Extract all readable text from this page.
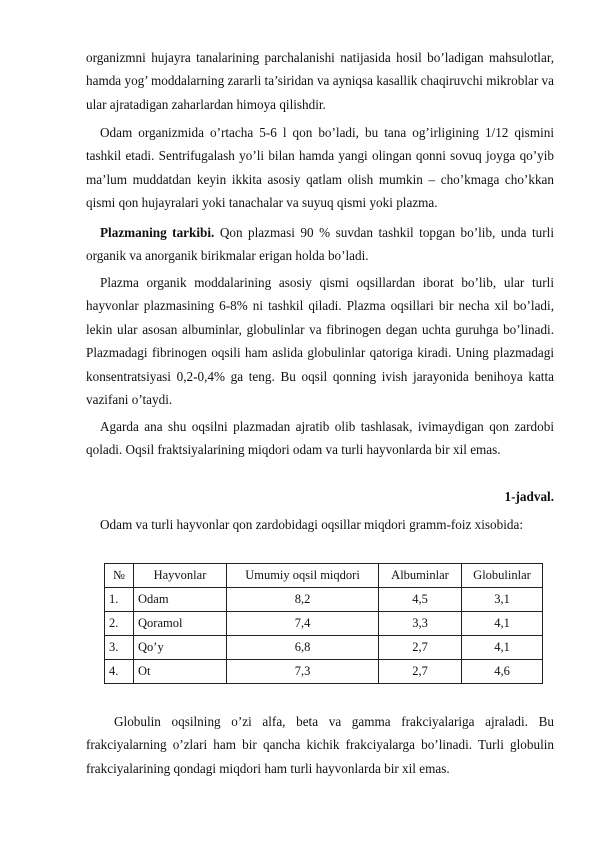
organizmni hujayra tanalarining parchalanishi natijasida hosil bo’ladigan mahsulotlar, hamda yog’ moddalarning zararli ta’siridan va ayniqsa kasallik chaqiruvchi mikroblar va ular ajratadigan zaharlardan himoya qilishdir.

Odam organizmida o’rtacha 5-6 l qon bo’ladi, bu tana og’irligining 1/12 qismini tashkil etadi. Sentrifugalash yo’li bilan hamda yangi olingan qonni sovuq joyga qo’yib ma’lum muddatdan keyin ikkita asosiy qatlam olish mumkin – cho’kmaga cho’kkan qismi qon hujayralari yoki tanachalar va suyuq qismi yoki plazma.

Plazmaning tarkibi. Qon plazmasi 90 % suvdan tashkil topgan bo’lib, unda turli organik va anorganik birikmalar erigan holda bo’ladi.

Plazma organik moddalarining asosiy qismi oqsillardan iborat bo’lib, ular turli hayvonlar plazmasining 6-8% ni tashkil qiladi. Plazma oqsillari bir necha xil bo’ladi, lekin ular asosan albuminlar, globulinlar va fibrinogen degan uchta guruhga bo’linadi. Plazmadagi fibrinogen oqsili ham aslida globulinlar qatoriga kiradi. Uning plazmadagi konsentratsiyasi 0,2-0,4% ga teng. Bu oqsil qonning ivish jarayonida benihoya katta vazifani o’taydi.

Agarda ana shu oqsilni plazmadan ajratib olib tashlasak, ivimaydigan qon zardobi qoladi. Oqsil fraktsiyalarining miqdori odam va turli hayvonlarda bir xil emas.

1-jadval.
Odam va turli hayvonlar qon zardobidagi oqsillar miqdori gramm-foiz xisobida:
№	Hayvonlar	Umumiy oqsil miqdori	Albuminlar	Globulinlar
1.	Odam	8,2	4,5	3,1
2.	Qoramol	7,4	3,3	4,1
3.	Qo’y	6,8	2,7	4,1
4.	Ot	7,3	2,7	4,6

Globulin oqsilning o’zi alfa, beta va gamma frakciyalariga ajraladi. Bu frakciyalarning o’zlari ham bir qancha kichik frakciyalarga bo’linadi. Turli globulin frakciyalarining qondagi miqdori ham turli hayvonlarda bir xil emas.
